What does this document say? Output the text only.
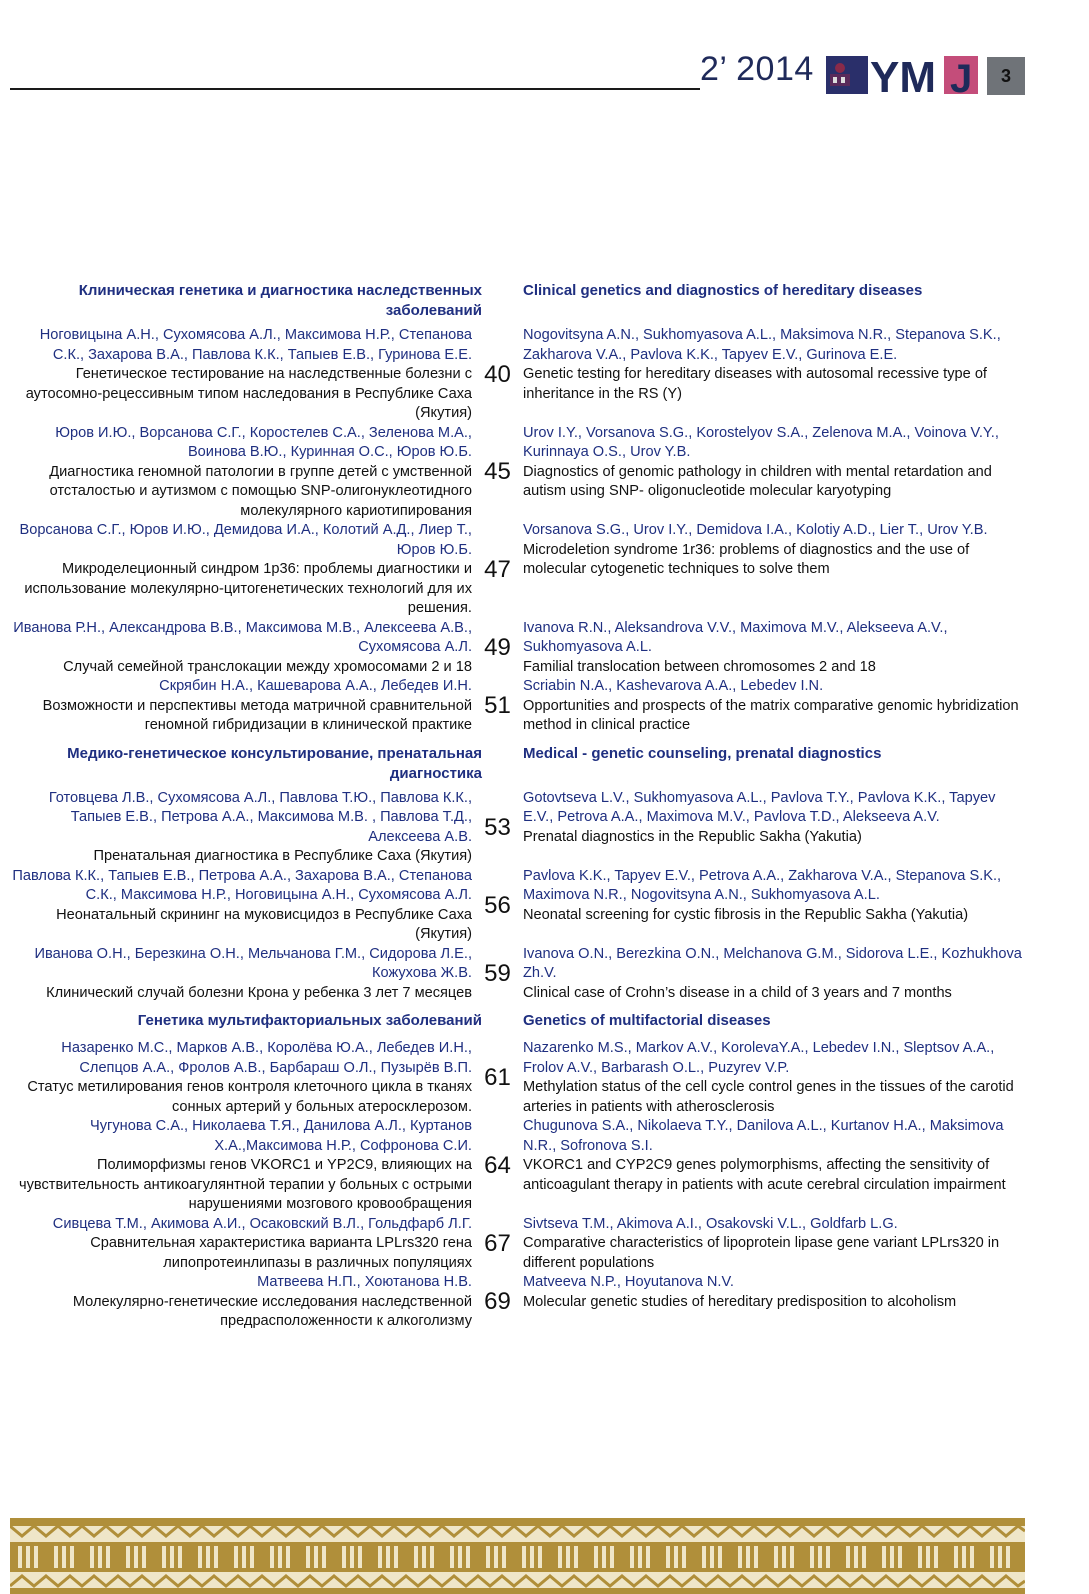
2’ 2014 YM J	3
Клиническая генетика и диагностика наследственных заболеваний
Clinical genetics and diagnostics of hereditary diseases
Ноговицына А.Н., Сухомясова А.Л., Максимова Н.Р., Степанова С.К., Захарова В.А., Павлова К.К., Тапыев Е.В., Гуринова Е.Е.
Генетическое тестирование на наследственные болезни с аутосомно-рецессивным типом наследования в Республике Саха (Якутия)
40
Nogovitsyna A.N., Sukhomyasova A.L., Maksimova N.R., Stepanova S.K., Zakharova V.A., Pavlova K.K., Tapyev E.V., Gurinova E.E.
Genetic testing for hereditary diseases with autosomal recessive type of inheritance in the RS (Y)
Юров И.Ю., Ворсанова С.Г., Коростелев С.А., Зеленова М.А., Воинова В.Ю., Куринная О.С., Юров Ю.Б.
Диагностика геномной патологии в группе детей с умственной отсталостью и аутизмом с помощью SNP-олигонуклеотидного молекулярного кариотипирования
45
Urov I.Y., Vorsanova S.G., Korostelyov S.A., Zelenova M.A., Voinova V.Y., Kurinnaya O.S., Urov Y.B.
Diagnostics of genomic pathology in children with mental retardation and autism using SNP- oligonucleotide molecular karyotyping
Ворсанова С.Г., Юров И.Ю., Демидова И.А., Колотий А.Д., Лиер Т., Юров Ю.Б.
Микроделеционный синдром 1р36: проблемы диагностики и использование молекулярно-цитогенетических технологий для их решения.
47
Vorsanova S.G., Urov I.Y., Demidova I.A., Kolotiy A.D., Lier T., Urov Y.B.
Microdeletion syndrome 1r36: problems of diagnostics and the use of molecular cytogenetic techniques to solve them
Иванова Р.Н., Александрова В.В., Максимова М.В., Алексеева А.В., Сухомясова А.Л.
Случай семейной транслокации между хромосомами 2 и 18
49
Ivanova R.N., Aleksandrova V.V., Maximova M.V., Alekseeva A.V., Sukhomyasova A.L.
Familial translocation between chromosomes 2 and 18
Скрябин Н.А., Кашеварова А.А., Лебедев И.Н.
Возможности и перспективы метода матричной сравнительной геномной гибридизации в клинической практике
51
Scriabin N.A., Kashevarova A.A., Lebedev I.N.
Opportunities and prospects of the matrix comparative genomic hybridization method in clinical practice
Медико-генетическое консультирование, пренатальная диагностика
Medical - genetic counseling, prenatal diagnostics
Готовцева Л.В., Сухомясова А.Л., Павлова Т.Ю., Павлова К.К., Тапыев Е.В., Петрова А.А., Максимова М.В. , Павлова Т.Д., Алексеева А.В.
Пренатальная диагностика в Республике Саха (Якутия)
53
Gotovtseva L.V., Sukhomyasova A.L., Pavlova T.Y., Pavlova K.K., Tapyev E.V., Petrova A.A., Maximova M.V., Pavlova T.D., Alekseeva A.V.
Prenatal diagnostics in the Republic Sakha (Yakutia)
Павлова К.К., Тапыев Е.В., Петрова А.А., Захарова В.А., Степанова С.К., Максимова Н.Р., Ноговицына А.Н., Сухомясова А.Л.
Неонатальный скрининг на муковисцидоз в Республике Саха (Якутия)
56
Pavlova K.K., Tapyev E.V., Petrova A.A., Zakharova V.A., Stepanova S.K., Maximova N.R., Nogovitsyna A.N., Sukhomyasova A.L.
Neonatal screening for cystic fibrosis in the Republic Sakha (Yakutia)
Иванова О.Н., Березкина О.Н., Мельчанова Г.М., Сидорова Л.Е., Кожухова Ж.В.
Клинический случай болезни Крона у ребенка 3 лет 7 месяцев
59
Ivanova O.N., Berezkina O.N., Melchanova G.M., Sidorova L.E., Kozhukhova Zh.V.
Clinical case of Crohn’s disease in a child of 3 years and 7 months
Генетика мультифакториальных заболеваний	Genetics of multifactorial diseases
Назаренко М.С., Марков А.В., Королёва Ю.А., Лебедев И.Н., Слепцов А.А., Фролов А.В., Барбараш О.Л., Пузырёв В.П.
Статус метилирования генов контроля клеточного цикла в тканях сонных артерий у больных атеросклерозом.
61
Nazarenko M.S., Markov A.V., KorolevaY.A., Lebedev I.N., Sleptsov A.A., Frolov A.V., Barbarash O.L., Puzyrev V.P.
Methylation status of the cell cycle control genes in the tissues of the carotid arteries in patients with atherosclerosis
Чугунова С.А., Николаева Т.Я., Данилова А.Л., Куртанов Х.А.,Максимова Н.Р., Софронова С.И.
Полиморфизмы генов VKORC1 и YP2C9, влияющих на чувствительность антикоагулянтной терапии у больных с острыми нарушениями мозгового кровообращения
64
Chugunova S.A., Nikolaeva T.Y., Danilova A.L., Kurtanov H.A., Maksimova N.R., Sofronova S.I.
VKORC1 and CYP2C9 genes polymorphisms, affecting the sensitivity of anticoagulant therapy in patients with acute cerebral circulation impairment
Сивцева Т.М., Акимова А.И., Осаковский В.Л., Гольдфарб Л.Г.
Сравнительная характеристика варианта LPLrs320 гена липопротеинлипазы в различных популяциях
67
Sivtseva T.M., Akimova A.I., Osakovski V.L., Goldfarb L.G.
Comparative characteristics of lipoprotein lipase gene variant LPLrs320 in different populations
Матвеева Н.П., Хоютанова Н.В.
Молекулярно-генетические исследования наследственной предрасположенности к алкоголизму
69
Matveeva N.P., Hoyutanova N.V.
Molecular genetic studies of hereditary predisposition to alcoholism
